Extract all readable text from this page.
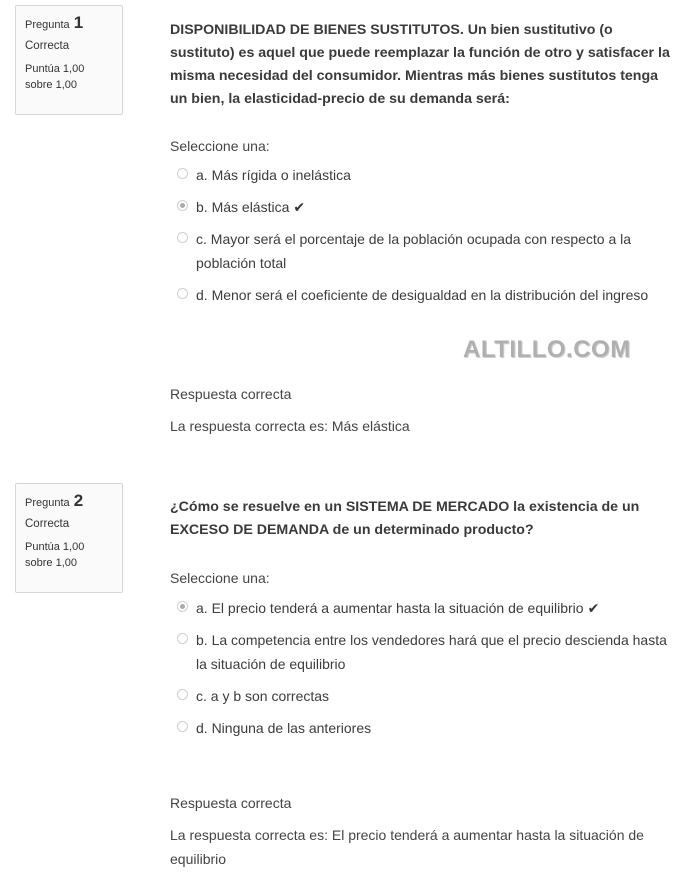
Pregunta 1
Correcta
Puntúa 1,00 sobre 1,00
DISPONIBILIDAD DE BIENES SUSTITUTOS. Un bien sustitutivo (o sustituto) es aquel que puede reemplazar la función de otro y satisfacer la misma necesidad del consumidor. Mientras más bienes sustitutos tenga un bien, la elasticidad-precio de su demanda será:
Seleccione una:
a. Más rígida o inelástica
b. Más elástica ✔
c. Mayor será el porcentaje de la población ocupada con respecto a la población total
d. Menor será el coeficiente de desigualdad en la distribución del ingreso
Respuesta correcta
La respuesta correcta es: Más elástica
ALTILLO.COM
Pregunta 2
Correcta
Puntúa 1,00 sobre 1,00
¿Cómo se resuelve en un SISTEMA DE MERCADO la existencia de un EXCESO DE DEMANDA de un determinado producto?
Seleccione una:
a. El precio tenderá a aumentar hasta la situación de equilibrio ✔
b. La competencia entre los vendedores hará que el precio descienda hasta la situación de equilibrio
c. a y b son correctas
d. Ninguna de las anteriores
Respuesta correcta
La respuesta correcta es: El precio tenderá a aumentar hasta la situación de equilibrio
